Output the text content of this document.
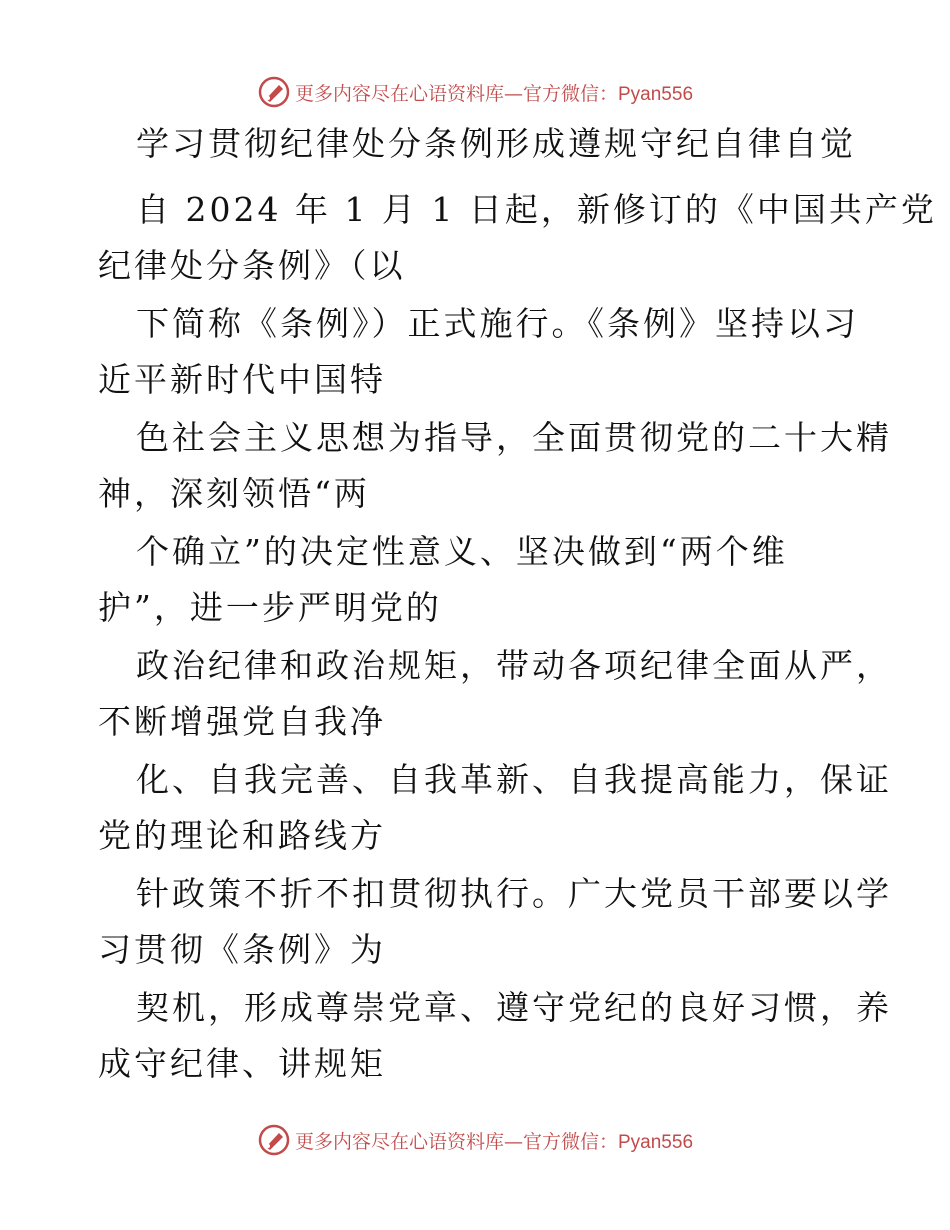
更多内容尽在心语资料库—官方微信：Pyan556
学习贯彻纪律处分条例形成遵规守纪自律自觉
自 2024 年 1 月 1 日起，新修订的《中国共产党
纪律处分条例》（以
下简称《条例》）正式施行。《条例》坚持以习
近平新时代中国特
色社会主义思想为指导，全面贯彻党的二十大精
神，深刻领悟“两
个确立”的决定性意义、坚决做到“两个维
护”，进一步严明党的
政治纪律和政治规矩，带动各项纪律全面从严，
不断增强党自我净
化、自我完善、自我革新、自我提高能力，保证
党的理论和路线方
针政策不折不扣贯彻执行。广大党员干部要以学
习贯彻《条例》为
契机，形成尊崇党章、遵守党纪的良好习惯，养
成守纪律、讲规矩
更多内容尽在心语资料库—官方微信：Pyan556
